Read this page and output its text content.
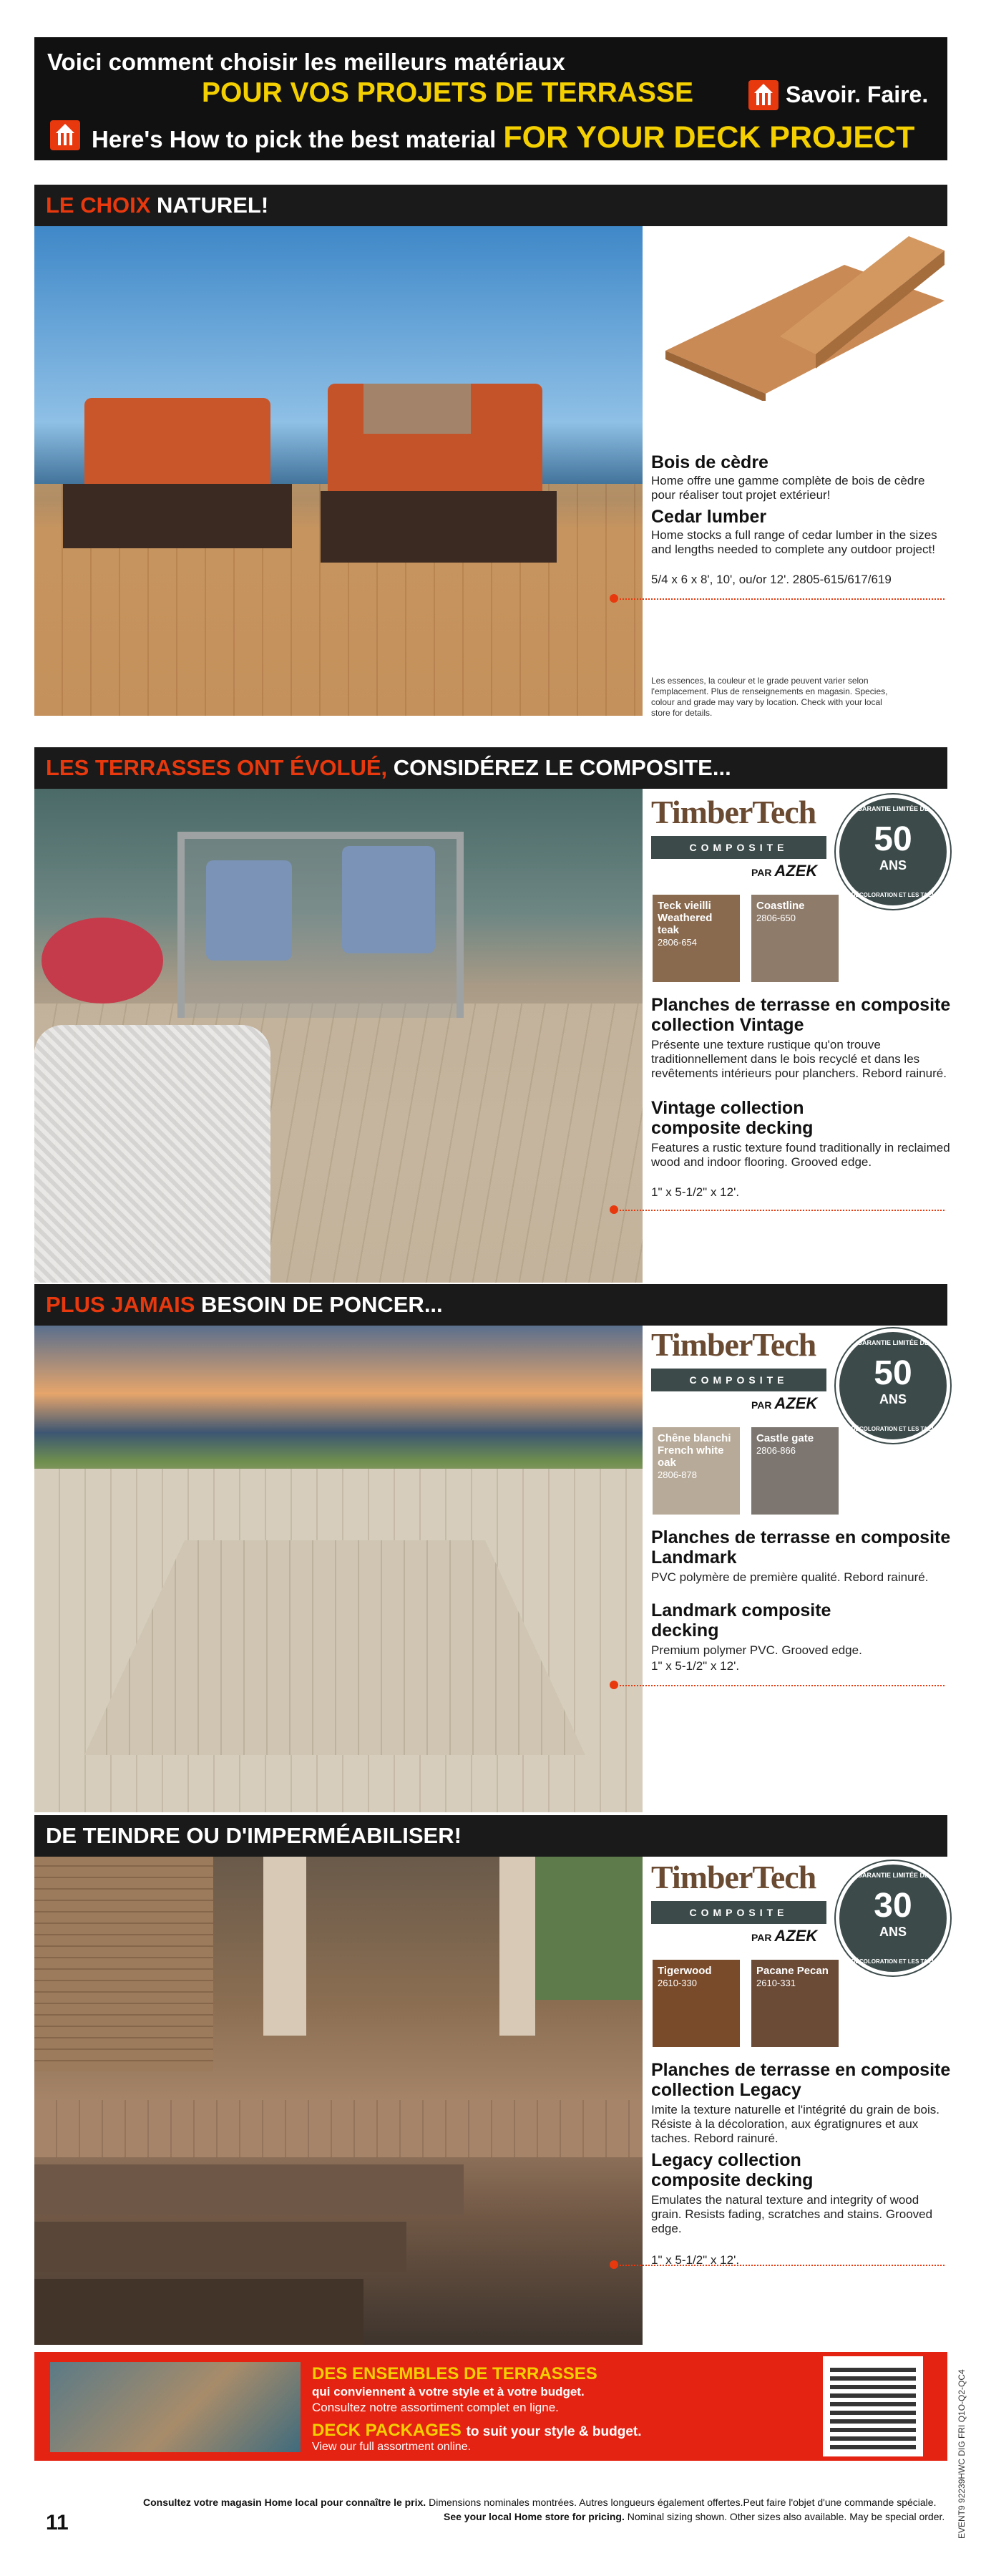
Voici comment choisir les meilleurs matériaux
POUR VOS PROJETS DE TERRASSE	Savoir. Faire.
Here's How to pick the best material FOR YOUR DECK PROJECT
LE CHOIX NATUREL!
Bois de cèdre
Home offre une gamme complète de bois de cèdre pour réaliser tout projet extérieur!
Cedar lumber
Home stocks a full range of cedar lumber in the sizes and lengths needed to complete any outdoor project!
5/4 x 6 x 8', 10', ou/or 12'. 2805-615/617/619
Les essences, la couleur et le grade peuvent varier selon l'emplacement. Plus de renseignements en magasin. Species, colour and grade may vary by location. Check with your local store for details.
LES TERRASSES ONT ÉVOLUÉ, CONSIDÉREZ LE COMPOSITE...
TimberTech
COMPOSITE
PAR AZEK
GARANTIE LIMITÉE DE
50
ANS
LA DÉCOLORATION ET LES TACHES
Teck vieilli Weathered teak
2806-654
Coastline
2806-650
Planches de terrasse en composite collection Vintage
Présente une texture rustique qu'on trouve traditionnellement dans le bois recyclé et dans les revêtements intérieurs pour planchers. Rebord rainuré.
Vintage collection composite decking
Features a rustic texture found traditionally in reclaimed wood and indoor flooring. Grooved edge.
1" x 5-1/2" x 12'.
PLUS JAMAIS BESOIN DE PONCER...
TimberTech
COMPOSITE
PAR AZEK
GARANTIE LIMITÉE DE
50
ANS
LA DÉCOLORATION ET LES TACHES
Chêne blanchi French white oak
2806-878
Castle gate
2806-866
Planches de terrasse en composite Landmark
PVC polymère de première qualité. Rebord rainuré.
Landmark composite decking
Premium polymer PVC. Grooved edge.
1" x 5-1/2" x 12'.
DE TEINDRE OU D'IMPERMÉABILISER!
TimberTech
COMPOSITE
PAR AZEK
GARANTIE LIMITÉE DE
30
ANS
LA DÉCOLORATION ET LES TACHES
Tigerwood
2610-330
Pacane Pecan
2610-331
Planches de terrasse en composite collection Legacy
Imite la texture naturelle et l'intégrité du grain de bois. Résiste à la décoloration, aux égratignures et aux taches. Rebord rainuré.
Legacy collection composite decking
Emulates the natural texture and integrity of wood grain. Resists fading, scratches and stains. Grooved edge.
1" x 5-1/2" x 12'.
DES ENSEMBLES DE TERRASSES
qui conviennent à votre style et à votre budget.
Consultez notre assortiment complet en ligne.
DECK PACKAGES to suit your style & budget.
View our full assortment online.
11
Consultez votre magasin Home local pour connaître le prix. Dimensions nominales montrées. Autres longueurs également offertes.Peut faire l'objet d'une commande spéciale.
See your local Home store for pricing. Nominal sizing shown. Other sizes also available. May be special order. EVENT9 92239HWC DIG FRI Q1O-Q2-QC4
